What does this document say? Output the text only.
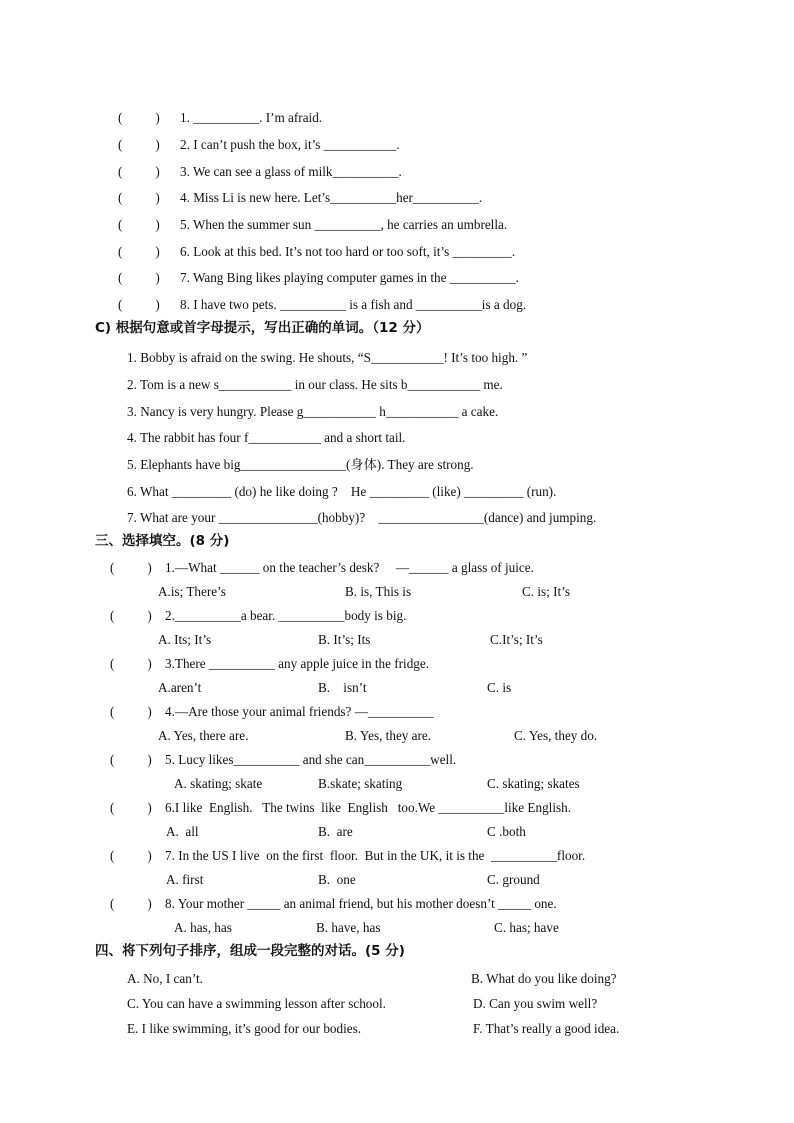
(          ) 1. __________. I’m afraid.
(          ) 2. I can’t push the box, it’s ___________.
(          ) 3. We can see a glass of milk__________.
(          ) 4. Miss Li is new here. Let’s__________her__________.
(          ) 5. When the summer sun __________, he carries an umbrella.
(          ) 6. Look at this bed. It’s not too hard or too soft, it’s _________.
(          ) 7. Wang Bing likes playing computer games in the __________.
(          ) 8. I have two pets. __________ is a fish and __________is a dog.
C) 根据句意或首字母提示，写出正确的单词。（12 分）
1. Bobby is afraid on the swing. He shouts, “S___________! It’s too high. ”
2. Tom is a new s___________ in our class. He sits b___________ me.
3. Nancy is very hungry. Please g___________ h___________ a cake.
4. The rabbit has four f___________ and a short tail.
5. Elephants have big________________(身体). They are strong.
6. What _________ (do) he like doing ?    He _________ (like) _________ (run).
7. What are your _______________(hobby)?    ________________(dance) and jumping.
三、选择填空。(8 分)
(          ) 1.—What ______ on the teacher’s desk?     —______ a glass of juice.
A.is; There’s	B. is, This is	C. is; It’s
(          ) 2.__________a bear. __________body is big.
A. Its; It’s	B. It’s; Its	C.It’s; It’s
(          ) 3.There __________ any apple juice in the fridge.
A.aren’t	B.    isn’t	C. is
(          ) 4.—Are those your animal friends? —__________
A. Yes, there are.	B. Yes, they are.	C. Yes, they do.
(          ) 5. Lucy likes__________ and she can__________well.
A. skating; skate	B.skate; skating	C. skating; skates
(          ) 6.I like  English.   The twins  like  English   too.We __________like English.
A.  all	B.  are	C .both
(          ) 7. In the US I live  on the first  floor.  But in the UK, it is the  __________floor.
A. first	B.  one	C. ground
(          ) 8. Your mother _____ an animal friend, but his mother doesn’t _____ one.
A. has, has	B. have, has	C. has; have
四、将下列句子排序，组成一段完整的对话。(5 分)
A. No, I can’t.	B. What do you like doing?
C. You can have a swimming lesson after school.	D. Can you swim well?
E. I like swimming, it’s good for our bodies.	F. That’s really a good idea.
